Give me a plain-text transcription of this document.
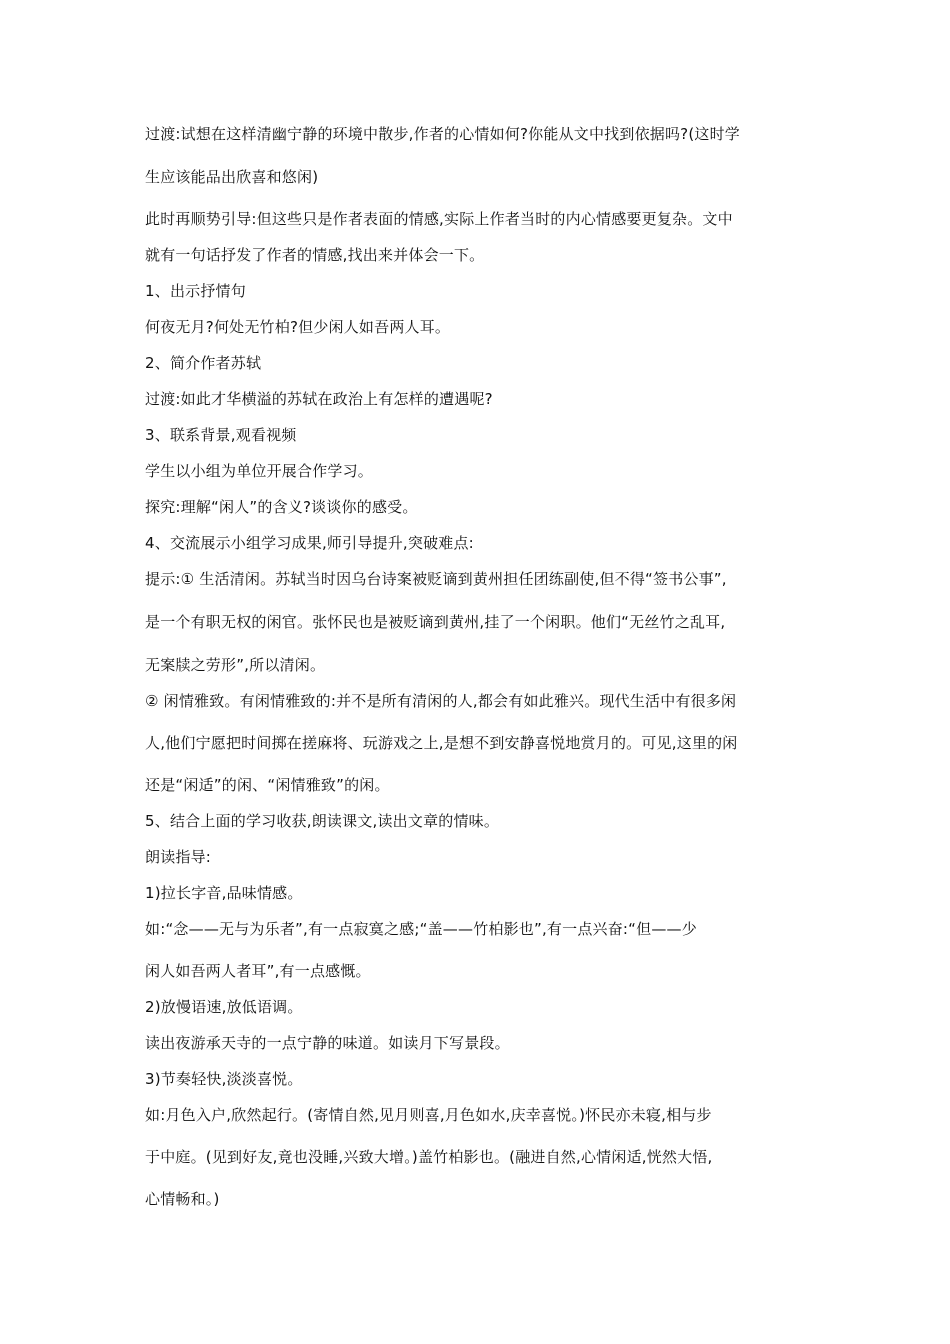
过渡:试想在这样清幽宁静的环境中散步,作者的心情如何?你能从文中找到依据吗?(这时学
生应该能品出欣喜和悠闲)
此时再顺势引导:但这些只是作者表面的情感,实际上作者当时的内心情感要更复杂。文中
就有一句话抒发了作者的情感,找出来并体会一下。
1、出示抒情句
何夜无月?何处无竹柏?但少闲人如吾两人耳。
2、简介作者苏轼
过渡:如此才华横溢的苏轼在政治上有怎样的遭遇呢?
3、联系背景,观看视频
学生以小组为单位开展合作学习。
探究:理解“闲人”的含义?谈谈你的感受。
4、交流展示小组学习成果,师引导提升,突破难点:
提示:① 生活清闲。苏轼当时因乌台诗案被贬谪到黄州担任团练副使,但不得“签书公事”,
是一个有职无权的闲官。张怀民也是被贬谪到黄州,挂了一个闲职。他们“无丝竹之乱耳,
无案牍之劳形”,所以清闲。
② 闲情雅致。有闲情雅致的:并不是所有清闲的人,都会有如此雅兴。现代生活中有很多闲
人,他们宁愿把时间掷在搓麻将、玩游戏之上,是想不到安静喜悦地赏月的。可见,这里的闲
还是“闲适”的闲、“闲情雅致”的闲。
5、结合上面的学习收获,朗读课文,读出文章的情味。
朗读指导:
1)拉长字音,品味情感。
如:“念——无与为乐者”,有一点寂寞之感;“盖——竹柏影也”,有一点兴奋:“但——少
闲人如吾两人者耳”,有一点感慨。
2)放慢语速,放低语调。
读出夜游承天寺的一点宁静的味道。如读月下写景段。
3)节奏轻快,淡淡喜悦。
如:月色入户,欣然起行。(寄情自然,见月则喜,月色如水,庆幸喜悦。)怀民亦未寝,相与步
于中庭。(见到好友,竟也没睡,兴致大增。)盖竹柏影也。(融进自然,心情闲适,恍然大悟,
心情畅和。)
